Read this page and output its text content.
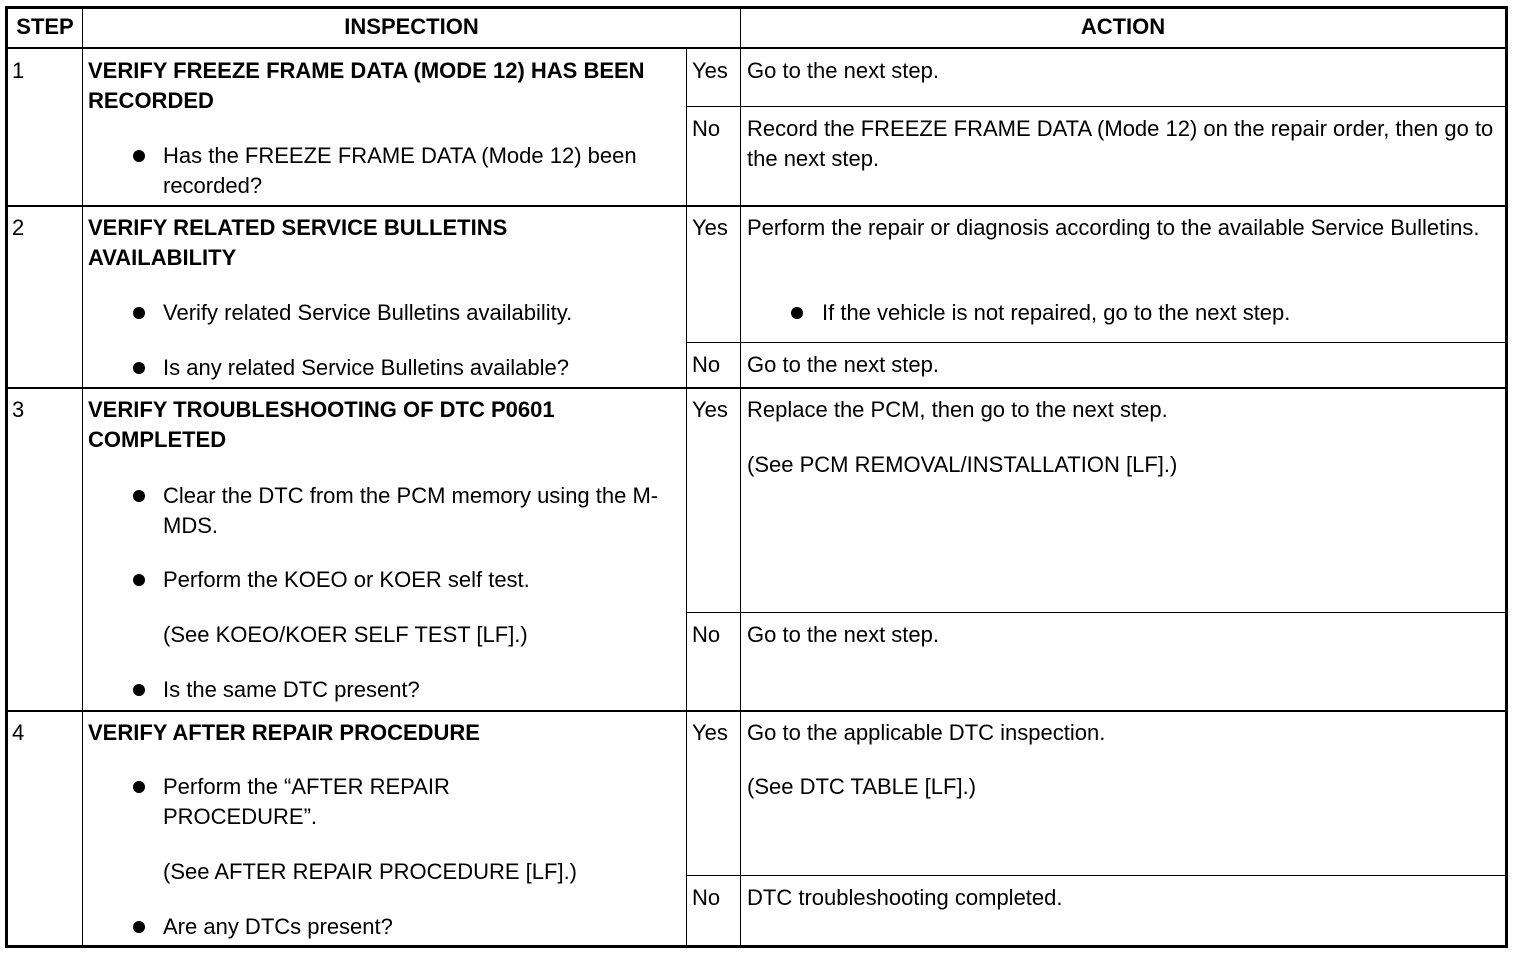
STEP	INSPECTION	ACTION
1	VERIFY FREEZE FRAME DATA (MODE 12) HAS BEEN RECORDED
Has the FREEZE FRAME DATA (Mode 12) been recorded?
Yes Go to the next step.
No Record the FREEZE FRAME DATA (Mode 12) on the repair order, then go to the next step.
2	VERIFY RELATED SERVICE BULLETINS AVAILABILITY
Verify related Service Bulletins availability.
Is any related Service Bulletins available?
Yes Perform the repair or diagnosis according to the available Service Bulletins.
If the vehicle is not repaired, go to the next step.
No Go to the next step.
3	VERIFY TROUBLESHOOTING OF DTC P0601 COMPLETED
Clear the DTC from the PCM memory using the M-MDS.
Perform the KOEO or KOER self test.
(See KOEO/KOER SELF TEST [LF].)
Is the same DTC present?
Yes Replace the PCM, then go to the next step.
(See PCM REMOVAL/INSTALLATION [LF].)
No Go to the next step.
4	VERIFY AFTER REPAIR PROCEDURE
Perform the “AFTER REPAIR PROCEDURE”.
(See AFTER REPAIR PROCEDURE [LF].)
Are any DTCs present?
Yes Go to the applicable DTC inspection.
(See DTC TABLE [LF].)
No DTC troubleshooting completed.
